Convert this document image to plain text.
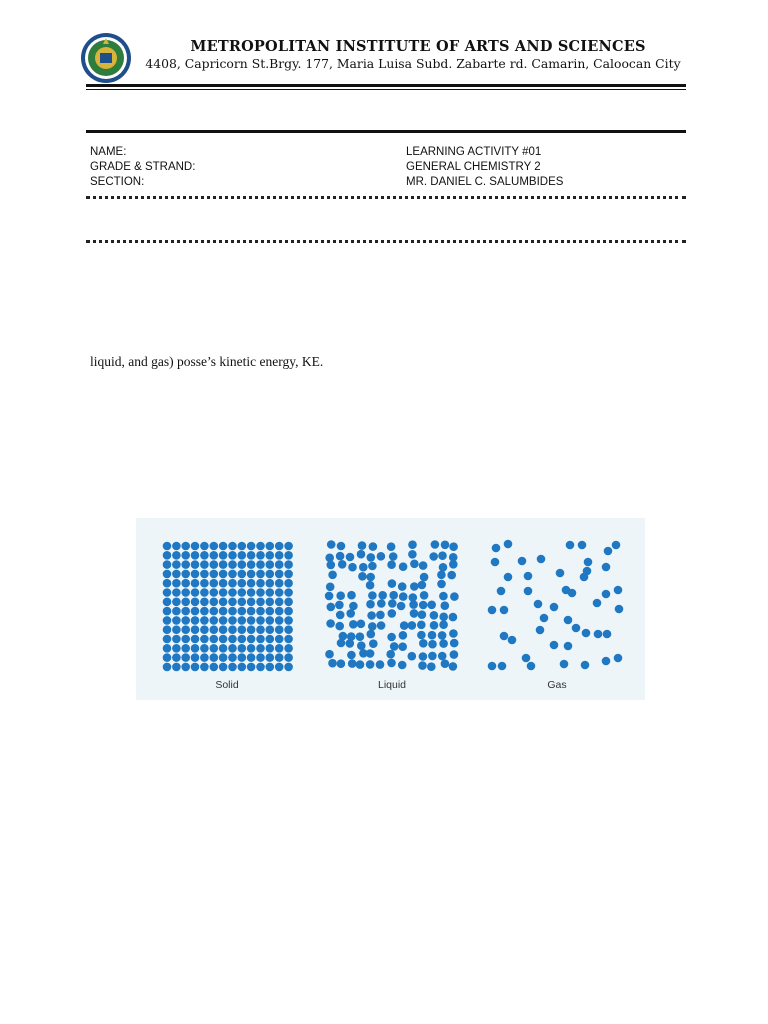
METROPOLITAN INSTITUTE OF ARTS AND SCIENCES
4408, Capricorn St.Brgy. 177, Maria Luisa Subd. Zabarte rd. Camarin, Caloocan City
NAME:
GRADE & STRAND:
SECTION:
LEARNING ACTIVITY #01
GENERAL CHEMISTRY 2
MR. DANIEL C. SALUMBIDES
liquid, and gas) posse’s kinetic energy, KE.
Solid	Liquid	Gas
